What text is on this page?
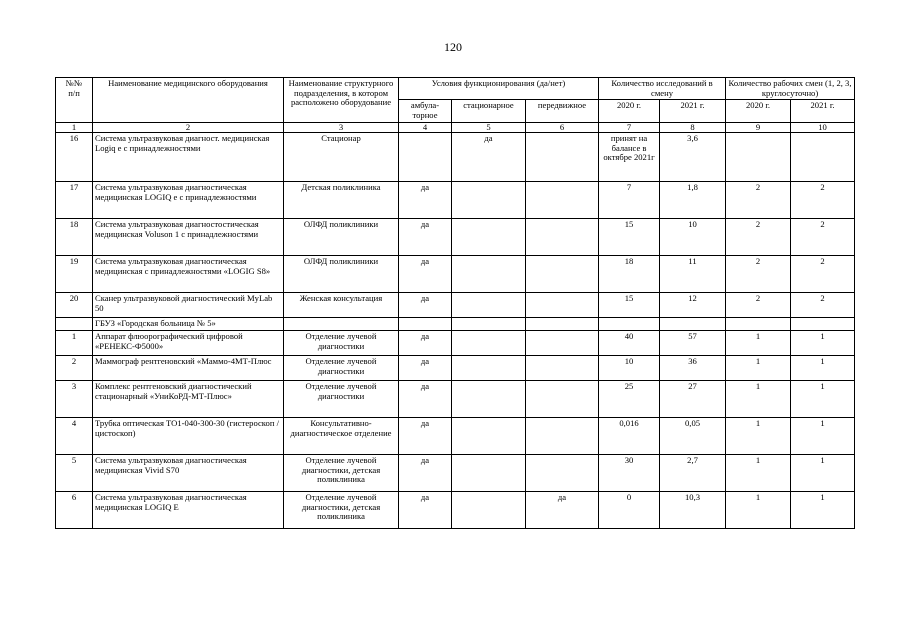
120
№№
п/п	Наименование медицинского оборудования	Наименование структурного подразделения, в котором расположено оборудование	Условия функционирования (да/нет)			Количество исследований в смену		Количество рабочих смен (1, 2, 3, круглосуточно)	
			амбула-торное	стационарное	передвижное	2020 г.	2021 г.	2020 г.	2021 г.
1	2	3	4	5	6	7	8	9	10
16	Система ультразвуковая диагност. медицинская Logiq e с принадлежностями	Стационар		да		принят на балансе в октябре 2021г	3,6		
17	Система ультразвуковая диагностическая медицинская LOGIQ e с принадлежностями	Детская поликлиника	да			7	1,8	2	2
18	Система ультразвуковая диагностостическая медицинская Voluson 1 с принадлежностями	ОЛФД поликлиники	да			15	10	2	2
19	Система ультразвуковая диагностическая медицинская с принадлежностями «LOGIG S8»	ОЛФД поликлиники	да			18	11	2	2
20	Сканер ультразвуковой диагностический MyLab 50	Женская консультация	да			15	12	2	2
	ГБУЗ «Городская больница № 5»								
1	Аппарат флюорографический цифровой «РЕНЕКС-Ф5000»	Отделение лучевой диагностики	да			40	57	1	1
2	Маммограф рентгеновский «Маммо-4МТ-Плюс	Отделение лучевой диагностики	да			10	36	1	1
3	Комплекс рентгеновский диагностический стационарный «УниКоРД-МТ-Плюс»	Отделение лучевой диагностики	да			25	27	1	1
4	Трубка оптическая ТО1-040-300-30 (гистероскоп /цистоскоп)	Консультативно-диагностическое отделение	да			0,016	0,05	1	1
5	Система ультразвуковая диагностическая медицинская Vivid S70	Отделение лучевой диагностики, детская поликлиника	да			30	2,7	1	1
6	Система ультразвуковая диагностическая медицинская LOGIQ E	Отделение лучевой диагностики, детская поликлиника	да		да	0	10,3	1	1
